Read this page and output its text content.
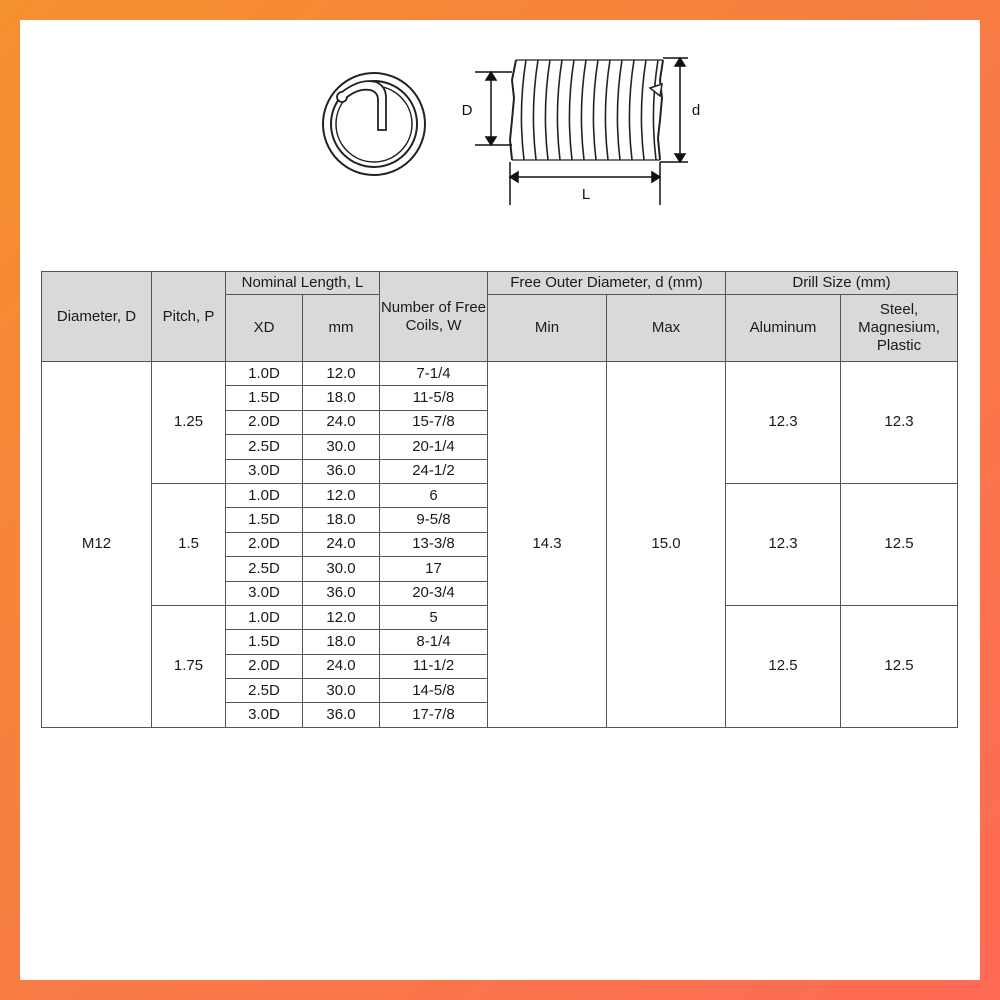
D	d
L
Diameter, D	Pitch, P	Nominal Length, L		Number of Free Coils, W	Free Outer Diameter, d (mm)		Drill Size (mm)	
		XD	mm		Min	Max	Aluminum	Steel, Magnesium, Plastic
M12	1.25	1.0D	12.0	7-1/4	14.3	15.0	12.3	12.3
		1.5D	18.0	11-5/8				
		2.0D	24.0	15-7/8				
		2.5D	30.0	20-1/4				
		3.0D	36.0	24-1/2				
	1.5	1.0D	12.0	6			12.3	12.5
		1.5D	18.0	9-5/8				
		2.0D	24.0	13-3/8				
		2.5D	30.0	17				
		3.0D	36.0	20-3/4				
	1.75	1.0D	12.0	5			12.5	12.5
		1.5D	18.0	8-1/4				
		2.0D	24.0	11-1/2				
		2.5D	30.0	14-5/8				
		3.0D	36.0	17-7/8				
